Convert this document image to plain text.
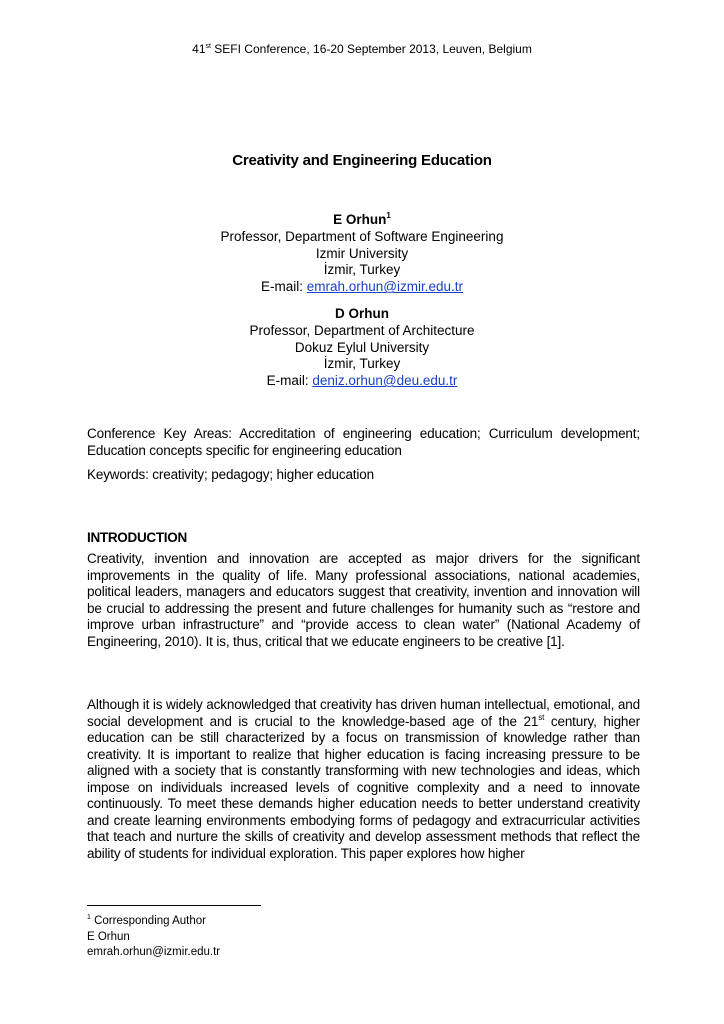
41st SEFI Conference, 16-20 September 2013, Leuven, Belgium
Creativity and Engineering Education
E Orhun$^1$
Professor, Department of Software Engineering
Izmir University
İzmir, Turkey
E-mail: emrah.orhun@izmir.edu.tr
D Orhun
Professor, Department of Architecture
Dokuz Eylul University
İzmir, Turkey
E-mail: deniz.orhun@deu.edu.tr
Conference Key Areas: Accreditation of engineering education; Curriculum development; Education concepts specific for engineering education
Keywords: creativity; pedagogy; higher education
INTRODUCTION
Creativity, invention and innovation are accepted as major drivers for the significant improvements in the quality of life. Many professional associations, national academies, political leaders, managers and educators suggest that creativity, invention and innovation will be crucial to addressing the present and future challenges for humanity such as “restore and improve urban infrastructure” and “provide access to clean water” (National Academy of Engineering, 2010). It is, thus, critical that we educate engineers to be creative [1].
Although it is widely acknowledged that creativity has driven human intellectual, emotional, and social development and is crucial to the knowledge-based age of the 21st century, higher education can be still characterized by a focus on transmission of knowledge rather than creativity. It is important to realize that higher education is facing increasing pressure to be aligned with a society that is constantly transforming with new technologies and ideas, which impose on individuals increased levels of cognitive complexity and a need to innovate continuously. To meet these demands higher education needs to better understand creativity and create learning environments embodying forms of pedagogy and extracurricular activities that teach and nurture the skills of creativity and develop assessment methods that reflect the ability of students for individual exploration. This paper explores how higher
$^1$ Corresponding Author
E Orhun
emrah.orhun@izmir.edu.tr
